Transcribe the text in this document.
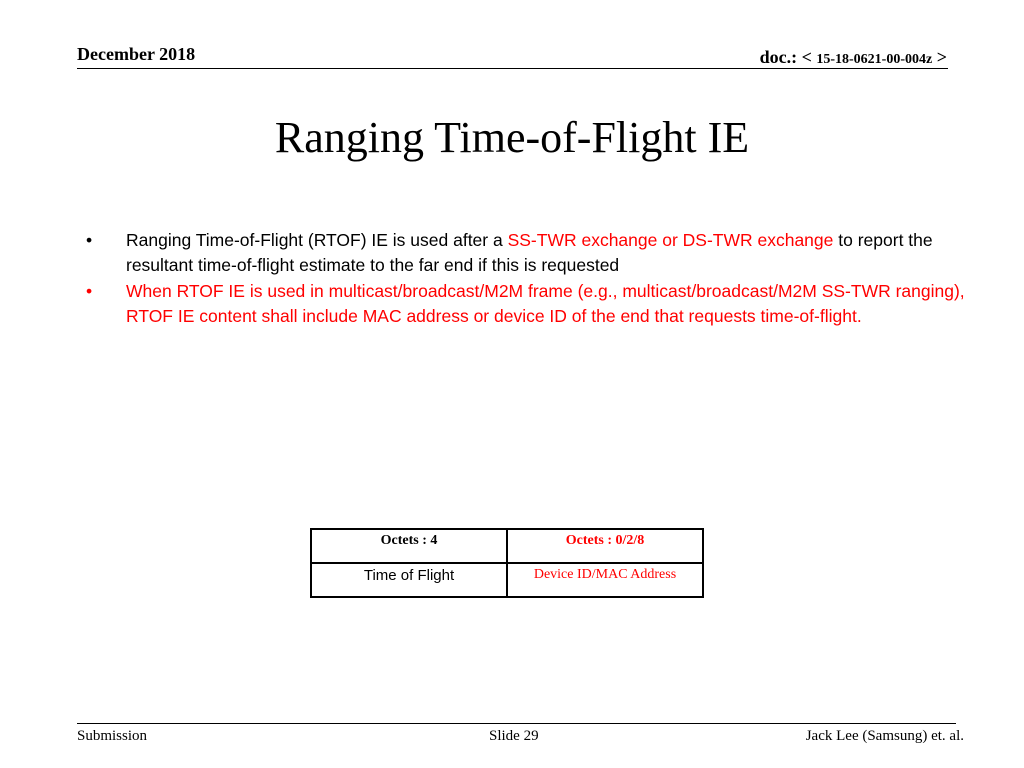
December 2018	doc.: < 15-18-0621-00-004z >
Ranging Time-of-Flight IE
• Ranging Time-of-Flight (RTOF) IE is used after a SS-TWR exchange or DS-TWR exchange to report the resultant time-of-flight estimate to the far end if this is requested
• When RTOF IE is used in multicast/broadcast/M2M frame (e.g., multicast/broadcast/M2M SS-TWR ranging), RTOF IE content shall include MAC address or device ID of the end that requests time-of-flight.
Octets : 4	Octets : 0/2/8
Time of Flight	Device ID/MAC Address
Submission	Slide 29	Jack Lee (Samsung) et. al.
